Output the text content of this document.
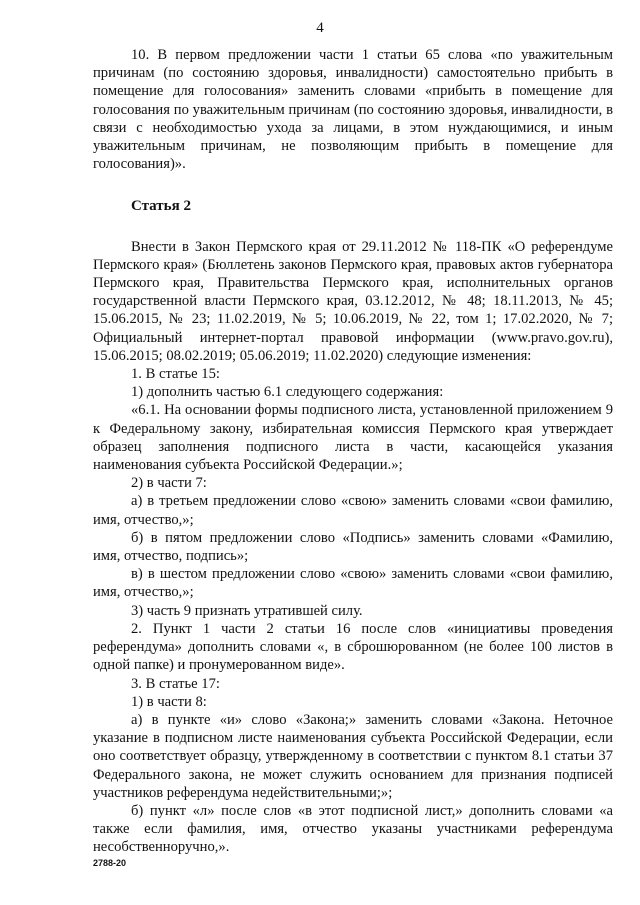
4

10. В первом предложении части 1 статьи 65 слова «по уважительным причинам (по состоянию здоровья, инвалидности) самостоятельно прибыть в помещение для голосования» заменить словами «прибыть в помещение для голосования по уважительным причинам (по состоянию здоровья, инвалидности, в связи с необходимостью ухода за лицами, в этом нуждающимися, и иным уважительным причинам, не позволяющим прибыть в помещение для голосования)».

Статья 2

Внести в Закон Пермского края от 29.11.2012 № 118-ПК «О референдуме Пермского края» (Бюллетень законов Пермского края, правовых актов губернатора Пермского края, Правительства Пермского края, исполнительных органов государственной власти Пермского края, 03.12.2012, № 48; 18.11.2013, № 45; 15.06.2015, № 23; 11.02.2019, № 5; 10.06.2019, № 22, том 1; 17.02.2020, № 7; Официальный интернет-портал правовой информации (www.pravo.gov.ru), 15.06.2015; 08.02.2019; 05.06.2019; 11.02.2020) следующие изменения:

1. В статье 15:

1) дополнить частью 6.1 следующего содержания:

«6.1. На основании формы подписного листа, установленной приложением 9 к Федеральному закону, избирательная комиссия Пермского края утверждает образец заполнения подписного листа в части, касающейся указания наименования субъекта Российской Федерации.»;

2) в части 7:

а) в третьем предложении слово «свою» заменить словами «свои фамилию, имя, отчество,»;

б) в пятом предложении слово «Подпись» заменить словами «Фамилию, имя, отчество, подпись»;

в) в шестом предложении слово «свою» заменить словами «свои фамилию, имя, отчество,»;

3) часть 9 признать утратившей силу.

2. Пункт 1 части 2 статьи 16 после слов «инициативы проведения референдума» дополнить словами «, в сброшюрованном (не более 100 листов в одной папке) и пронумерованном виде».

3. В статье 17:

1) в части 8:

а) в пункте «и» слово «Закона;» заменить словами «Закона. Неточное указание в подписном листе наименования субъекта Российской Федерации, если оно соответствует образцу, утвержденному в соответствии с пунктом 8.1 статьи 37 Федерального закона, не может служить основанием для признания подписей участников референдума недействительными;»;

б) пункт «л» после слов «в этот подписной лист,» дополнить словами «а также если фамилия, имя, отчество указаны участниками референдума несобственноручно,».

2788-20
